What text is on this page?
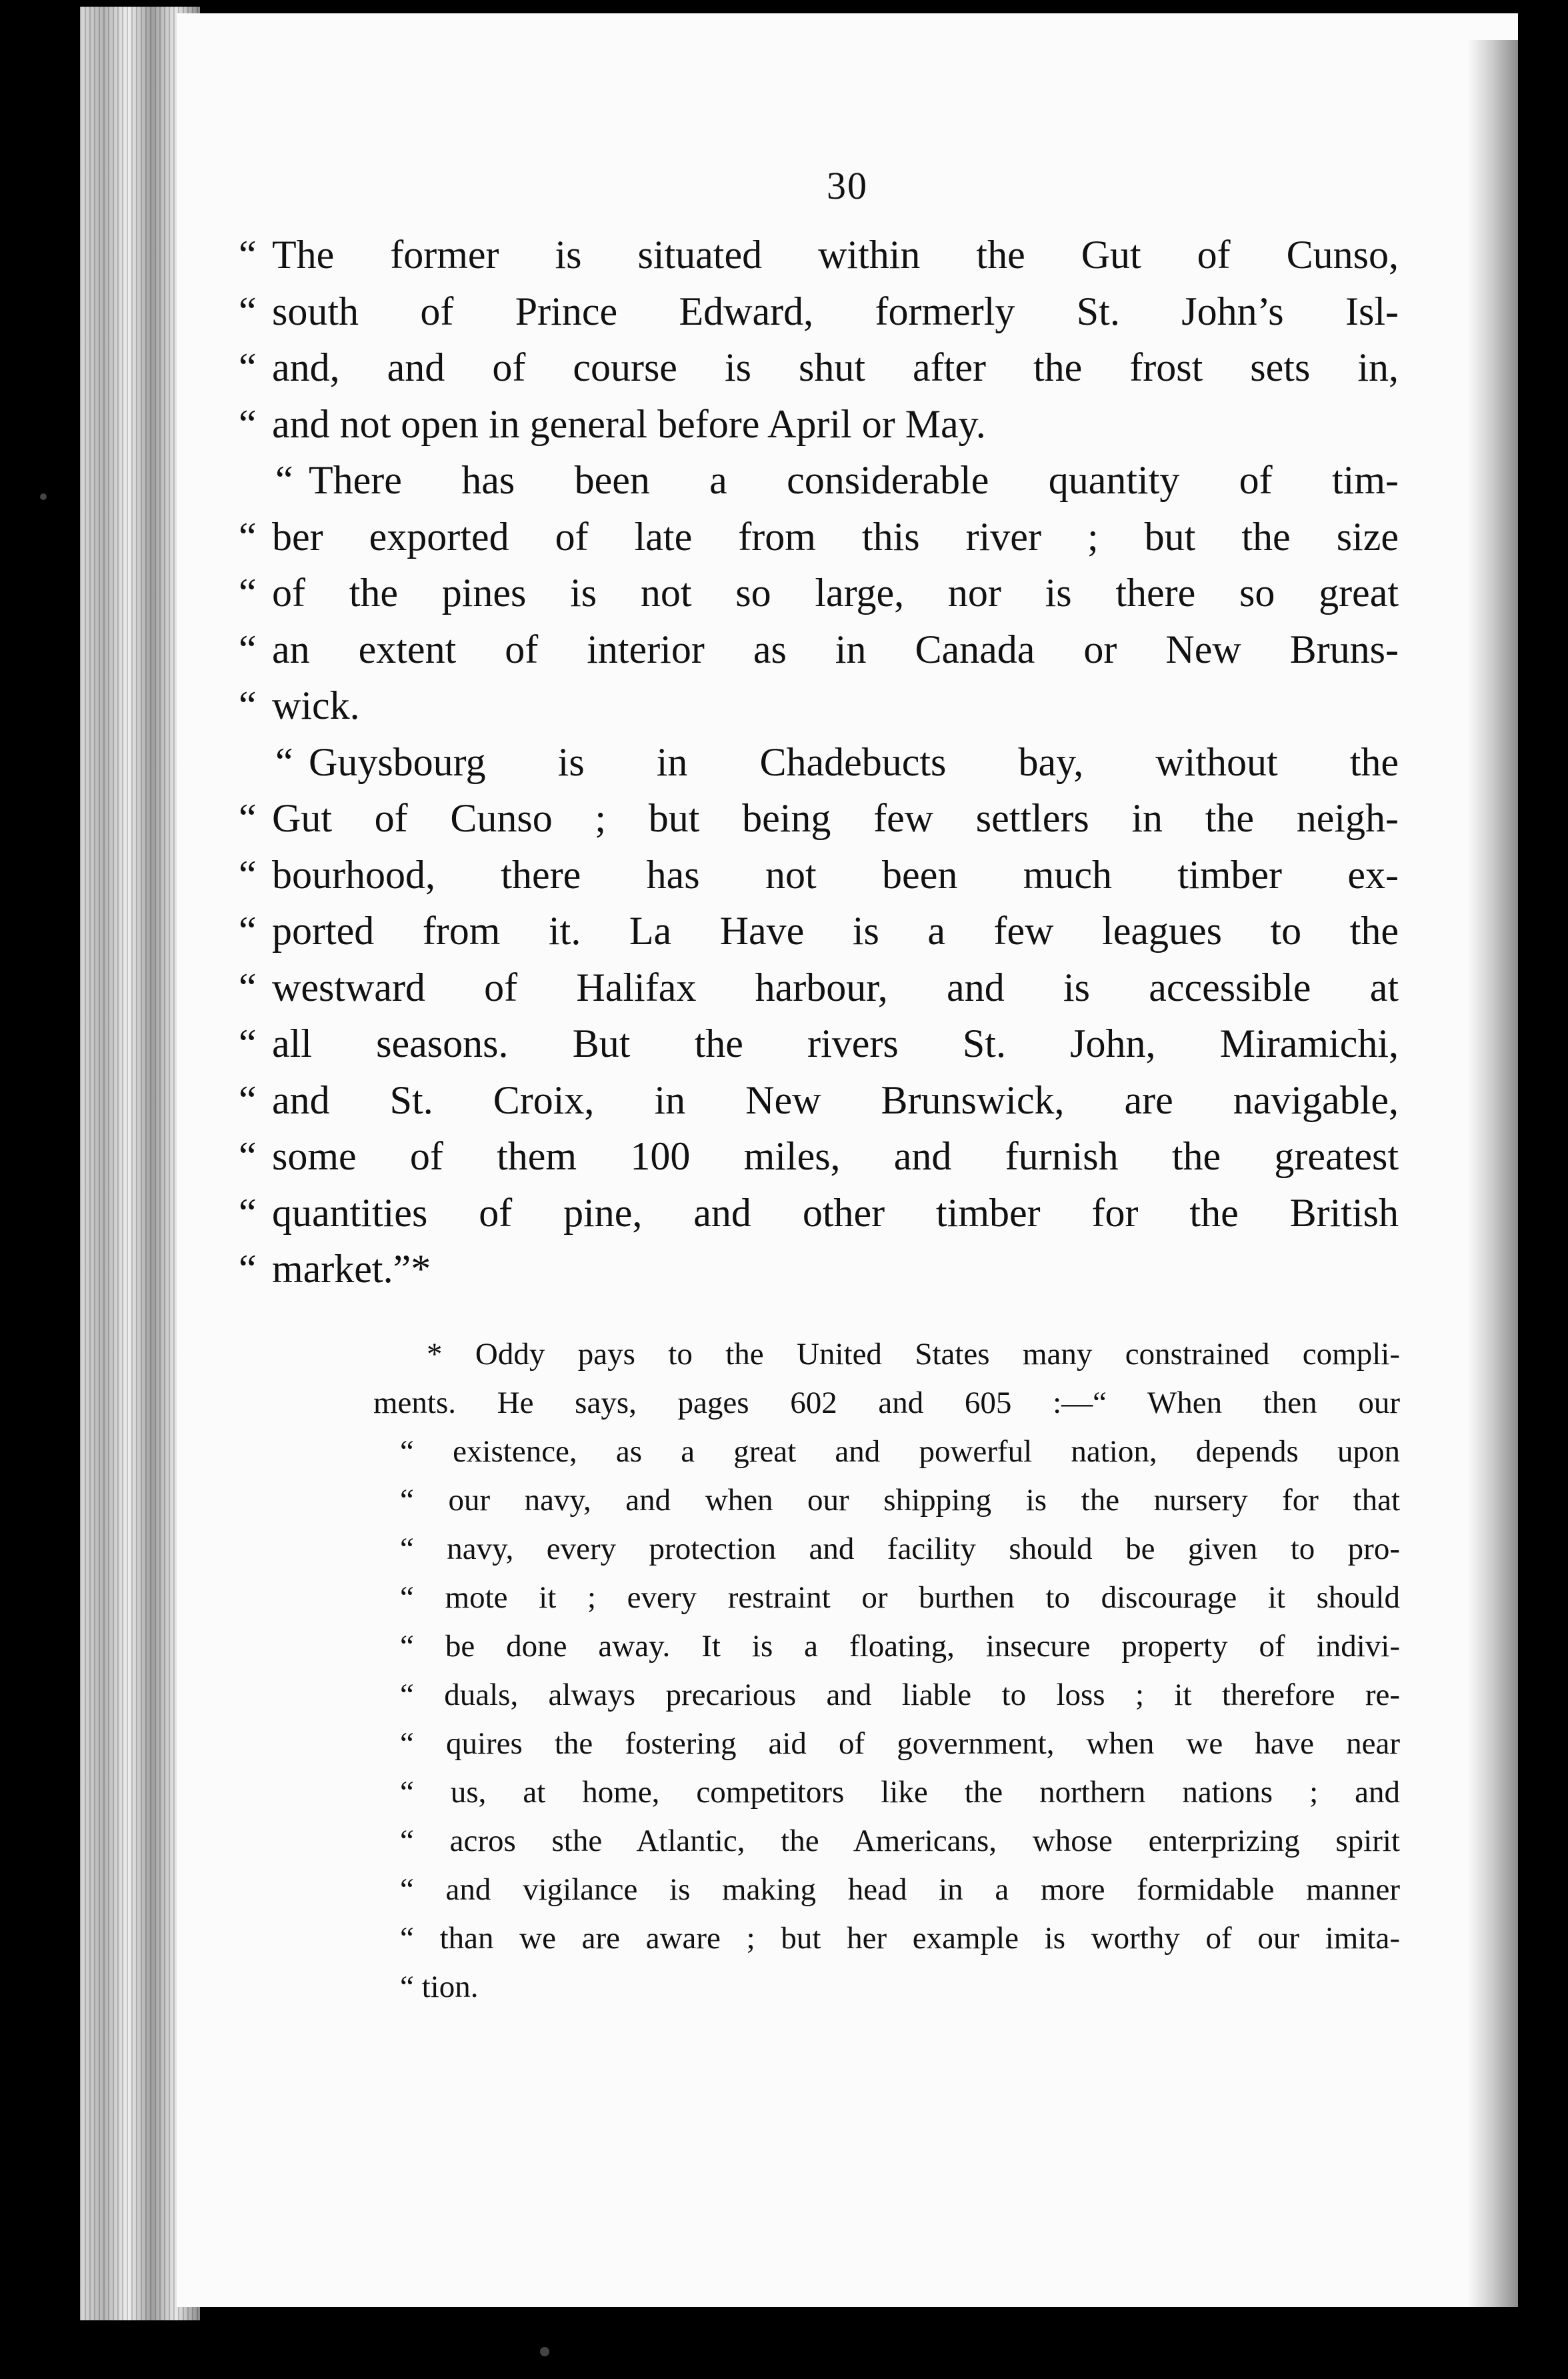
30
“ The former is situated within the Gut of Cunso,
“ south of Prince Edward, formerly St. John’s Isl-
“ and, and of course is shut after the frost sets in,
“ and not open in general before April or May.
“ There has been a considerable quantity of tim-
“ ber exported of late from this river ; but the size
“ of the pines is not so large, nor is there so great
“ an extent of interior as in Canada or New Bruns-
“ wick.
“ Guysbourg is in Chadebucts bay, without the
“ Gut of Cunso ; but being few settlers in the neigh-
“ bourhood, there has not been much timber ex-
“ ported from it. La Have is a few leagues to the
“ westward of Halifax harbour, and is accessible at
“ all seasons. But the rivers St. John, Miramichi,
“ and St. Croix, in New Brunswick, are navigable,
“ some of them 100 miles, and furnish the greatest
“ quantities of pine, and other timber for the British
“ market.”*
* Oddy pays to the United States many constrained compli-
ments. He says, pages 602 and 605 :—“ When then our
“ existence, as a great and powerful nation, depends upon
“ our navy, and when our shipping is the nursery for that
“ navy, every protection and facility should be given to pro-
“ mote it ; every restraint or burthen to discourage it should
“ be done away. It is a floating, insecure property of indivi-
“ duals, always precarious and liable to loss ; it therefore re-
“ quires the fostering aid of government, when we have near
“ us, at home, competitors like the northern nations ; and
“ acros sthe Atlantic, the Americans, whose enterprizing spirit
“ and vigilance is making head in a more formidable manner
“ than we are aware ; but her example is worthy of our imita-
“ tion.
